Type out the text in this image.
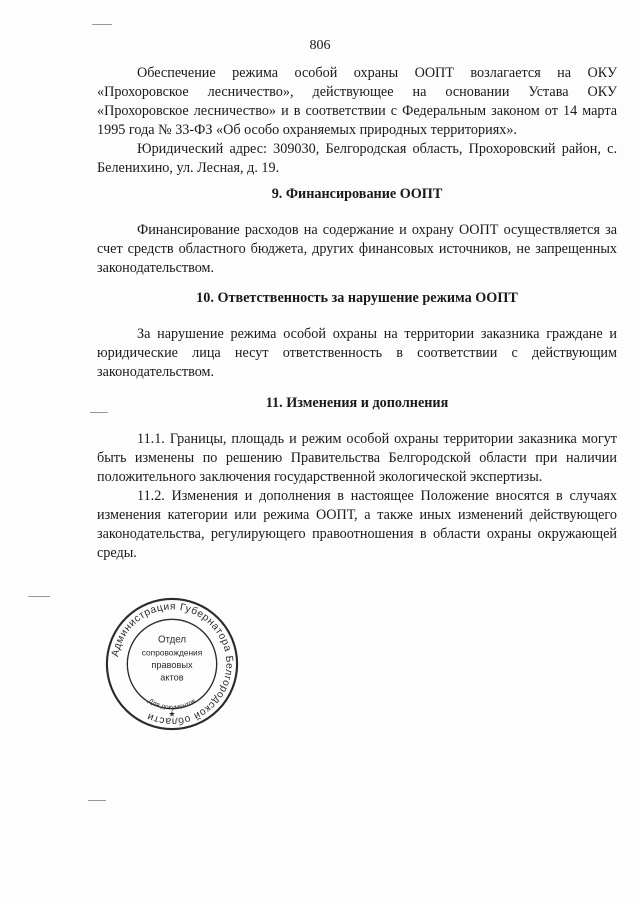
806

Обеспечение режима особой охраны ООПТ возлагается на ОКУ «Прохоровское лесничество», действующее на основании Устава ОКУ «Прохоровское лесничество» и в соответствии с Федеральным законом от 14 марта 1995 года № 33-ФЗ «Об особо охраняемых природных территориях».

Юридический адрес: 309030, Белгородская область, Прохоровский район, с. Беленихино, ул. Лесная, д. 19.

9. Финансирование ООПТ

Финансирование расходов на содержание и охрану ООПТ осуществляется за счет средств областного бюджета, других финансовых источников, не запрещенных законодательством.

10. Ответственность за нарушение режима ООПТ

За нарушение режима особой охраны на территории заказника граждане и юридические лица несут ответственность в соответствии с действующим законодательством.

11. Изменения и дополнения

11.1. Границы, площадь и режим особой охраны территории заказника могут быть изменены по решению Правительства Белгородской области при наличии положительного заключения государственной экологической экспертизы.

11.2. Изменения и дополнения в настоящее Положение вносятся в случаях изменения категории или режима ООПТ, а также иных изменений действующего законодательства, регулирующего правоотношения в области охраны окружающей среды.

Администрация Губернатора Белгородской области
Для документов
Отдел
сопровождения
правовых
актов
★
